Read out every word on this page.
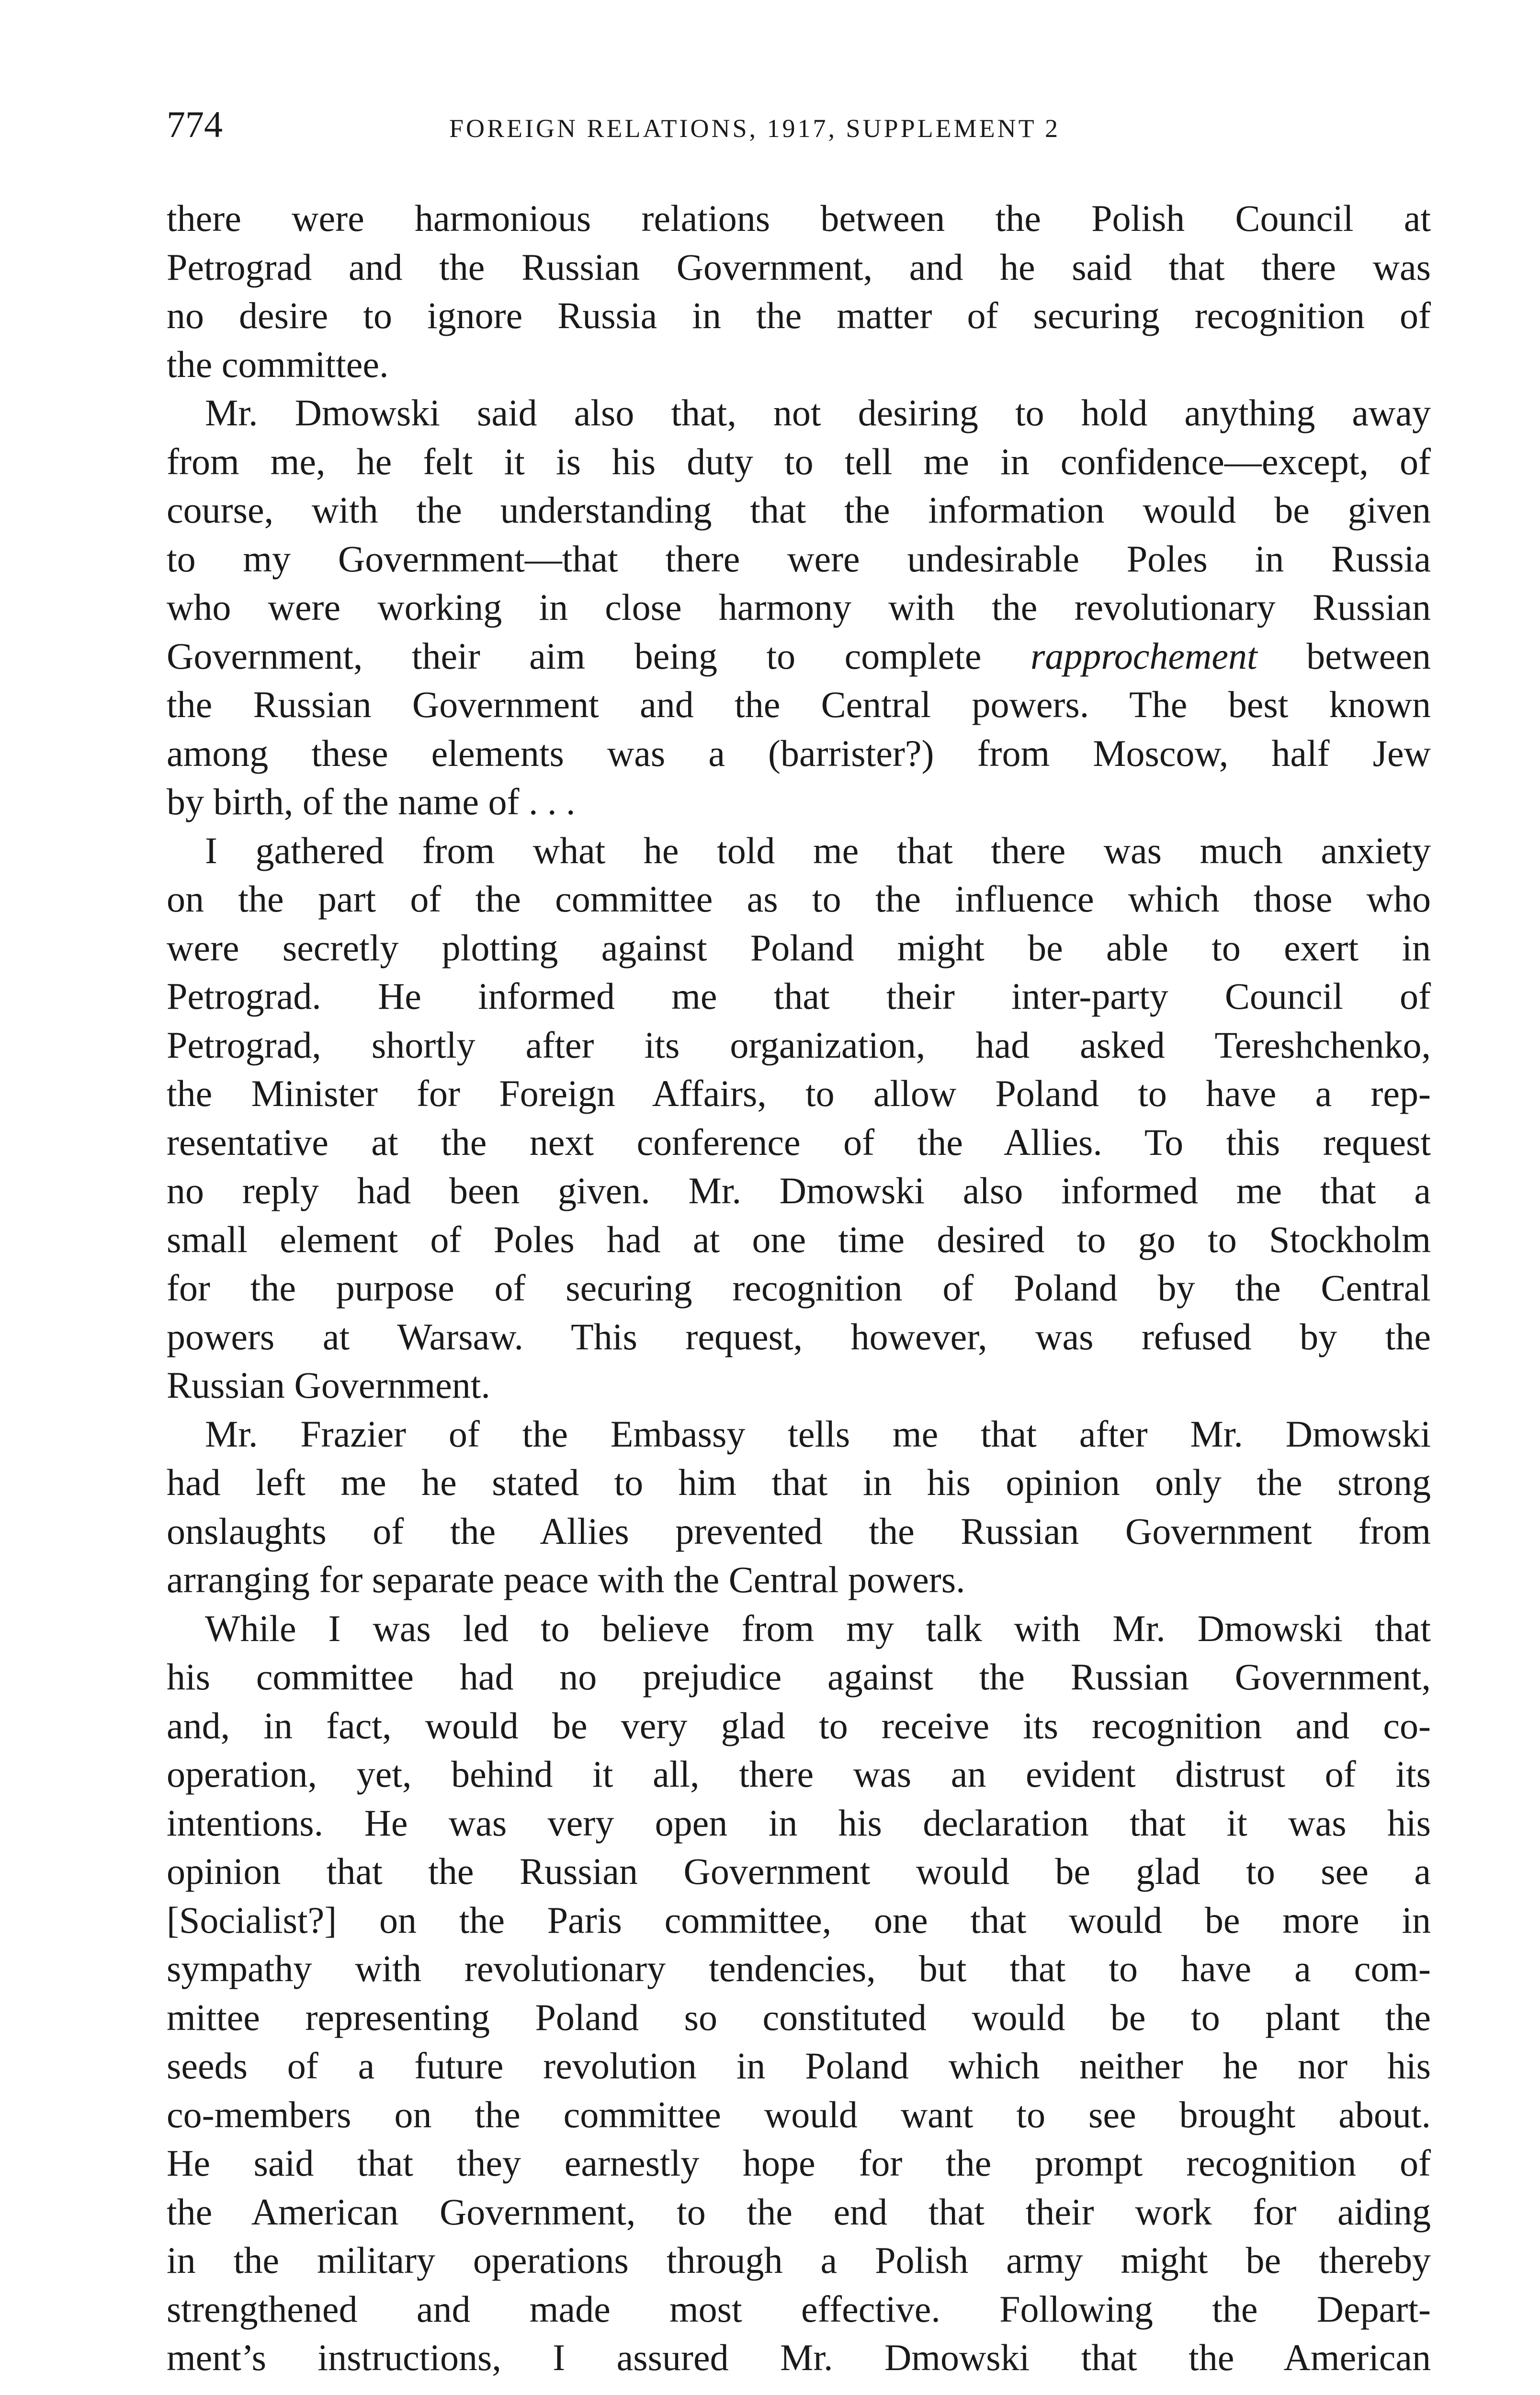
774	FOREIGN RELATIONS, 1917, SUPPLEMENT 2

there were harmonious relations between the Polish Council at
Petrograd and the Russian Government, and he said that there was
no desire to ignore Russia in the matter of securing recognition of
the committee.

Mr. Dmowski said also that, not desiring to hold anything away
from me, he felt it is his duty to tell me in confidence—except, of
course, with the understanding that the information would be given
to my Government—that there were undesirable Poles in Russia
who were working in close harmony with the revolutionary Russian
Government, their aim being to complete rapprochement between
the Russian Government and the Central powers. The best known
among these elements was a (barrister?) from Moscow, half Jew
by birth, of the name of . . .

I gathered from what he told me that there was much anxiety
on the part of the committee as to the influence which those who
were secretly plotting against Poland might be able to exert in
Petrograd. He informed me that their inter-party Council of
Petrograd, shortly after its organization, had asked Tereshchenko,
the Minister for Foreign Affairs, to allow Poland to have a rep-
resentative at the next conference of the Allies. To this request
no reply had been given. Mr. Dmowski also informed me that a
small element of Poles had at one time desired to go to Stockholm
for the purpose of securing recognition of Poland by the Central
powers at Warsaw. This request, however, was refused by the
Russian Government.

Mr. Frazier of the Embassy tells me that after Mr. Dmowski
had left me he stated to him that in his opinion only the strong
onslaughts of the Allies prevented the Russian Government from
arranging for separate peace with the Central powers.

While I was led to believe from my talk with Mr. Dmowski that
his committee had no prejudice against the Russian Government,
and, in fact, would be very glad to receive its recognition and co-
operation, yet, behind it all, there was an evident distrust of its
intentions. He was very open in his declaration that it was his
opinion that the Russian Government would be glad to see a
[Socialist?] on the Paris committee, one that would be more in
sympathy with revolutionary tendencies, but that to have a com-
mittee representing Poland so constituted would be to plant the
seeds of a future revolution in Poland which neither he nor his
co-members on the committee would want to see brought about.
He said that they earnestly hope for the prompt recognition of
the American Government, to the end that their work for aiding
in the military operations through a Polish army might be thereby
strengthened and made most effective. Following the Depart-
ment’s instructions, I assured Mr. Dmowski that the American
